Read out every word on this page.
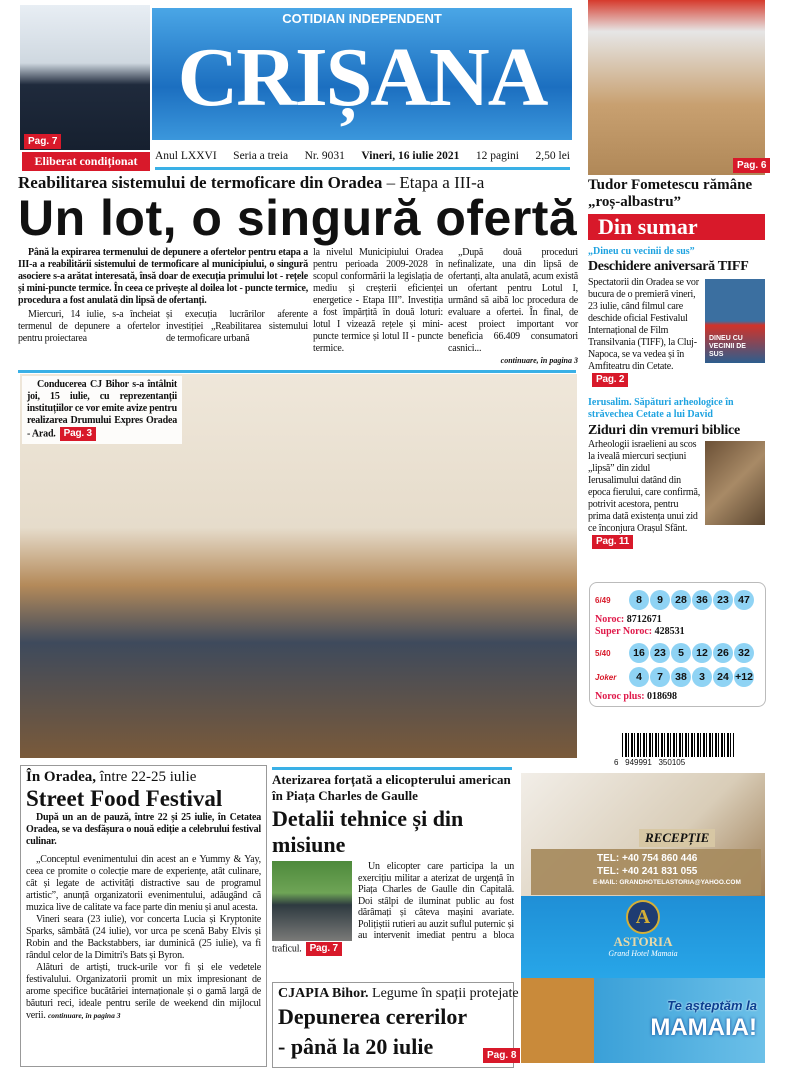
Pag. 7
Eliberat condiționat
COTIDIAN INDEPENDENT
CRIȘANA
Pag. 6
Tudor Fometescu rămâne „roș-albastru”
Anul LXXVI Seria a treia Nr. 9031 Vineri, 16 iulie 2021 12 pagini 2,50 lei
Reabilitarea sistemului de termoficare din Oradea – Etapa a III-a
Un lot, o singură ofertă

Până la expirarea termenului de depunere a ofertelor pentru etapa a III-a a reabilitării sistemului de termoficare al municipiului, o singură asociere s-a arătat interesată, însă doar de execuția primului lot - rețele și mini-puncte termice. În ceea ce privește al doilea lot - puncte termice, procedura a fost anulată din lipsă de ofertanți.

Miercuri, 14 iulie, s-a încheiat termenul de depunere a ofertelor pentru proiectarea

și execuția lucrărilor aferente investiției „Reabilitarea sistemului de termoficare urbană

la nivelul Municipiului Oradea pentru perioada 2009-2028 în scopul conformării la legislația de mediu și creșterii eficienței energetice - Etapa III”. Investiția a fost împărțită în două loturi: lotul I vizează rețele și mini-puncte termice și lotul II - puncte termice.

„După două proceduri nefinalizate, una din lipsă de ofertanți, alta anulată, acum există un ofertant pentru Lotul I, urmând să aibă loc procedura de evaluare a ofertei. În final, de acest proiect important vor beneficia 66.409 consumatori casnici...

continuare, în pagina 3

Conducerea CJ Bihor s-a întâlnit joi, 15 iulie, cu reprezentanții instituțiilor ce vor emite avize pentru realizarea Drumului Expres Oradea - Arad. Pag. 3

Din sumar
„Dineu cu vecinii de sus”
Deschidere aniversară TIFF
DINEU CU VECINII DE SUS

Spectatorii din Oradea se vor bucura de o premieră vineri, 23 iulie, când filmul care deschide oficial Festivalul Internațional de Film Transilvania (TIFF), la Cluj-Napoca, se va vedea și în Amfiteatru din Cetate.Pag. 2

Ierusalim. Săpături arheologice în străvechea Cetate a lui David
Ziduri din vremuri biblice

Arheologii israelieni au scos la iveală miercuri secțiuni „lipsă” din zidul Ierusalimului datând din epoca fierului, care confirmă, potrivit acestora, pentru prima dată existența unui zid ce înconjura Orașul Sfânt.Pag. 11

6/49	8	9	28 36 23 47
Noroc: 8712671
Super Noroc: 428531
5/40	16 23	5	12 26 32
Joker	4	7	38	3	24 +12
Noroc plus: 018698
6   949991   350105
În Oradea, între 22-25 iulie
Street Food Festival

După un an de pauză, între 22 și 25 iulie, în Cetatea Oradea, se va desfășura o nouă ediție a celebrului festival culinar.

„Conceptul evenimentului din acest an e Yummy & Yay, ceea ce promite o colecție mare de experiențe, atât culinare, cât și legate de activități distractive sau de programul artistic”, anunță organizatorii evenimentului, adăugând că muzica live de calitate va face parte din meniu și anul acesta.

Vineri seara (23 iulie), vor concerta Lucia și Kryptonite Sparks, sâmbătă (24 iulie), vor urca pe scenă Baby Elvis și Robin and the Backstabbers, iar duminică (25 iulie), va fi rândul celor de la Dimitri's Bats și Byron.

Alături de artiști, truck-urile vor fi și ele vedetele festivalului. Organizatorii promit un mix impresionant de arome specifice bucătăriei internaționale și o gamă largă de băuturi reci, ideale pentru serile de weekend din mijlocul verii. continuare, în pagina 3

Aterizarea forțată a elicopterului american în Piața Charles de Gaulle
Detalii tehnice și din misiune

Un elicopter care participa la un exercițiu militar a aterizat de urgență în Piața Charles de Gaulle din Capitală. Doi stâlpi de iluminat public au fost dărâmați și câteva mașini avariate. Polițiștii rutieri au auzit suflul puternic și au intervenit imediat pentru a bloca traficul. Pag. 7

CJAPIA Bihor. Legume în spații protejate
Depunerea cererilor - până la 20 iulie	Pag. 8
RECEPȚIE
TEL: +40 754 860 446
TEL: +40 241 831 055
E-MAIL: GRANDHOTELASTORIA@YAHOO.COM
A
ASTORIA
Grand Hotel Mamaia
Te așteptăm la
MAMAIA!
